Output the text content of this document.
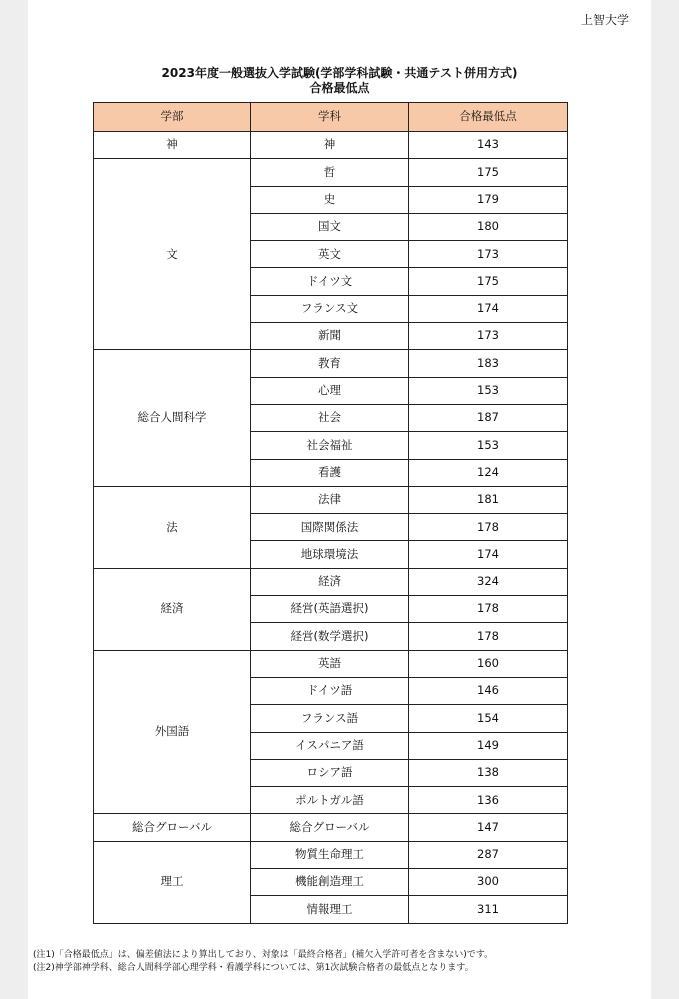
上智大学
2023年度一般選抜入学試験(学部学科試験・共通テスト併用方式)
合格最低点
学部	学科	合格最低点
神	神	143
文	哲	175
	史	179
	国文	180
	英文	173
	ドイツ文	175
	フランス文	174
	新聞	173
総合人間科学	教育	183
	心理	153
	社会	187
	社会福祉	153
	看護	124
法	法律	181
	国際関係法	178
	地球環境法	174
経済	経済	324
	経営(英語選択)	178
	経営(数学選択)	178
外国語	英語	160
	ドイツ語	146
	フランス語	154
	イスパニア語	149
	ロシア語	138
	ポルトガル語	136
総合グローバル	総合グローバル	147
理工	物質生命理工	287
	機能創造理工	300
	情報理工	311
(注1)「合格最低点」は、偏差値法により算出しており、対象は「最終合格者」(補欠入学許可者を含まない)です。
(注2)神学部神学科、総合人間科学部心理学科・看護学科については、第1次試験合格者の最低点となります。
